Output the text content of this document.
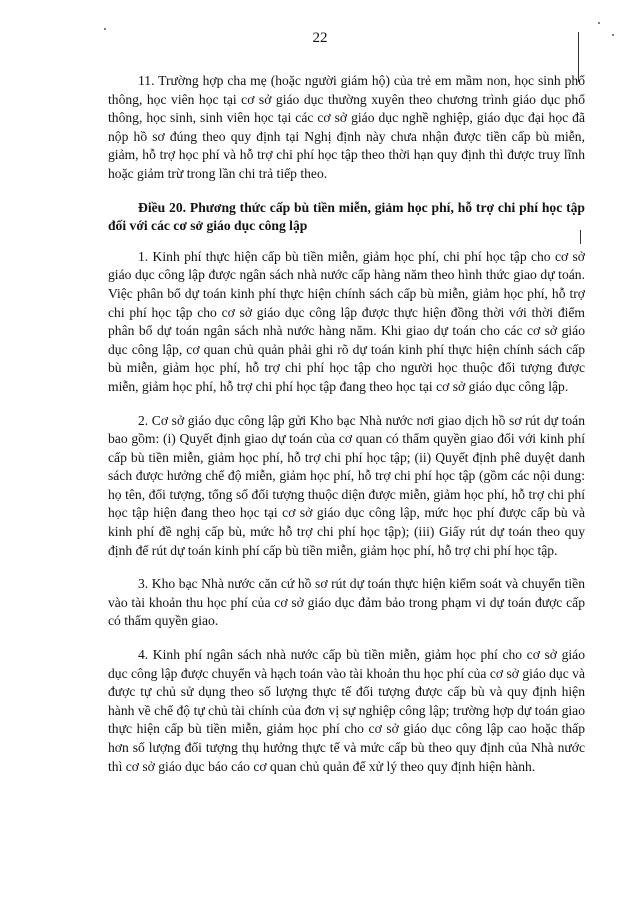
22

11. Trường hợp cha mẹ (hoặc người giám hộ) của trẻ em mầm non, học sinh phổ thông, học viên học tại cơ sở giáo dục thường xuyên theo chương trình giáo dục phổ thông, học sinh, sinh viên học tại các cơ sở giáo dục nghề nghiệp, giáo dục đại học đã nộp hồ sơ đúng theo quy định tại Nghị định này chưa nhận được tiền cấp bù miễn, giảm, hỗ trợ học phí và hỗ trợ chi phí học tập theo thời hạn quy định thì được truy lĩnh hoặc giảm trừ trong lần chi trả tiếp theo.

Điều 20. Phương thức cấp bù tiền miễn, giảm học phí, hỗ trợ chi phí học tập đối với các cơ sở giáo dục công lập

1. Kinh phí thực hiện cấp bù tiền miễn, giảm học phí, chi phí học tập cho cơ sở giáo dục công lập được ngân sách nhà nước cấp hàng năm theo hình thức giao dự toán. Việc phân bổ dự toán kinh phí thực hiện chính sách cấp bù miễn, giảm học phí, hỗ trợ chi phí học tập cho cơ sở giáo dục công lập được thực hiện đồng thời với thời điểm phân bổ dự toán ngân sách nhà nước hàng năm. Khi giao dự toán cho các cơ sở giáo dục công lập, cơ quan chủ quản phải ghi rõ dự toán kinh phí thực hiện chính sách cấp bù miễn, giảm học phí, hỗ trợ chi phí học tập cho người học thuộc đối tượng được miễn, giảm học phí, hỗ trợ chi phí học tập đang theo học tại cơ sở giáo dục công lập.

2. Cơ sở giáo dục công lập gửi Kho bạc Nhà nước nơi giao dịch hồ sơ rút dự toán bao gồm: (i) Quyết định giao dự toán của cơ quan có thẩm quyền giao đối với kinh phí cấp bù tiền miễn, giảm học phí, hỗ trợ chi phí học tập; (ii) Quyết định phê duyệt danh sách được hưởng chế độ miễn, giảm học phí, hỗ trợ chi phí học tập (gồm các nội dung: họ tên, đối tượng, tổng số đối tượng thuộc diện được miễn, giảm học phí, hỗ trợ chi phí học tập hiện đang theo học tại cơ sở giáo dục công lập, mức học phí được cấp bù và kinh phí đề nghị cấp bù, mức hỗ trợ chi phí học tập); (iii) Giấy rút dự toán theo quy định để rút dự toán kinh phí cấp bù tiền miễn, giảm học phí, hỗ trợ chi phí học tập.

3. Kho bạc Nhà nước căn cứ hồ sơ rút dự toán thực hiện kiểm soát và chuyển tiền vào tài khoản thu học phí của cơ sở giáo dục đảm bảo trong phạm vi dự toán được cấp có thẩm quyền giao.

4. Kinh phí ngân sách nhà nước cấp bù tiền miễn, giảm học phí cho cơ sở giáo dục công lập được chuyển và hạch toán vào tài khoản thu học phí của cơ sở giáo dục và được tự chủ sử dụng theo số lượng thực tế đối tượng được cấp bù và quy định hiện hành về chế độ tự chủ tài chính của đơn vị sự nghiệp công lập; trường hợp dự toán giao thực hiện cấp bù tiền miễn, giảm học phí cho cơ sở giáo dục công lập cao hoặc thấp hơn số lượng đối tượng thụ hưởng thực tế và mức cấp bù theo quy định của Nhà nước thì cơ sở giáo dục báo cáo cơ quan chủ quản để xử lý theo quy định hiện hành.
